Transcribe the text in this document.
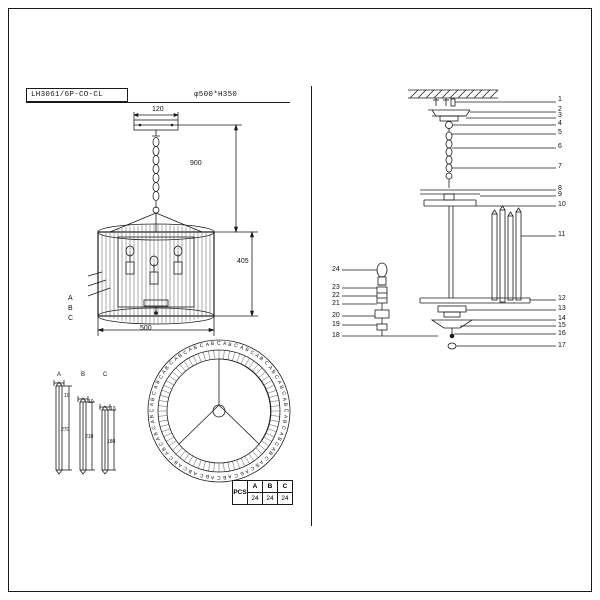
LH3061/6P-CO-CL	φ500*H350
120
900
405
500
A
B
C
A	B	C
10
10
10
270
210
180
C A B C A B C
A
B
C
A
B
C
A
B
C
A
B
C
A
B
C
A
B
C
A
B
C
A
B
C
A
B
C
A
B
C
A
B
C
A
B
C
A
B
C
A
B
C
A
B
C
A
B
C
A
B
C
A
B
C
A
B
C
A
B
C A B C A B
PCS	A	B	C
	24	24	24
1
2
3
4
5
6
7
8
9
10
11
12
13
14
15
16
17
24
23
22
21
20
19
18
